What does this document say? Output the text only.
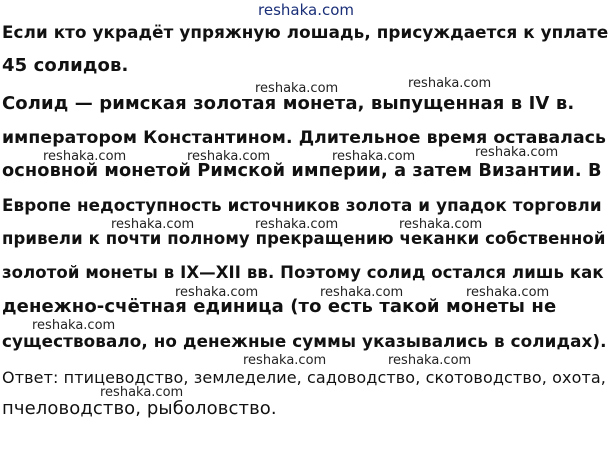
reshaka.com
reshaka.com	reshaka.com
reshaka.com	reshaka.com	reshaka.com	reshaka.com
reshaka.com	reshaka.com	reshaka.com
reshaka.com	reshaka.com	reshaka.com
reshaka.com
reshaka.com	reshaka.com
reshaka.com
Если кто украдёт упряжную лошадь, присуждается к уплате
45 солидов.
Солид — римская золотая монета, выпущенная в IV в.
императором Константином. Длительное время оставалась
основной монетой Римской империи, а затем Византии. В
Европе недоступность источников золота и упадок торговли
привели к почти полному прекращению чеканки собственной
золотой монеты в IX—XII вв. Поэтому солид остался лишь как
денежно-счётная единица (то есть такой монеты не
существовало, но денежные суммы указывались в солидах).
Ответ: птицеводство, земледелие, садоводство, скотоводство, охота,
пчеловодство, рыболовство.
